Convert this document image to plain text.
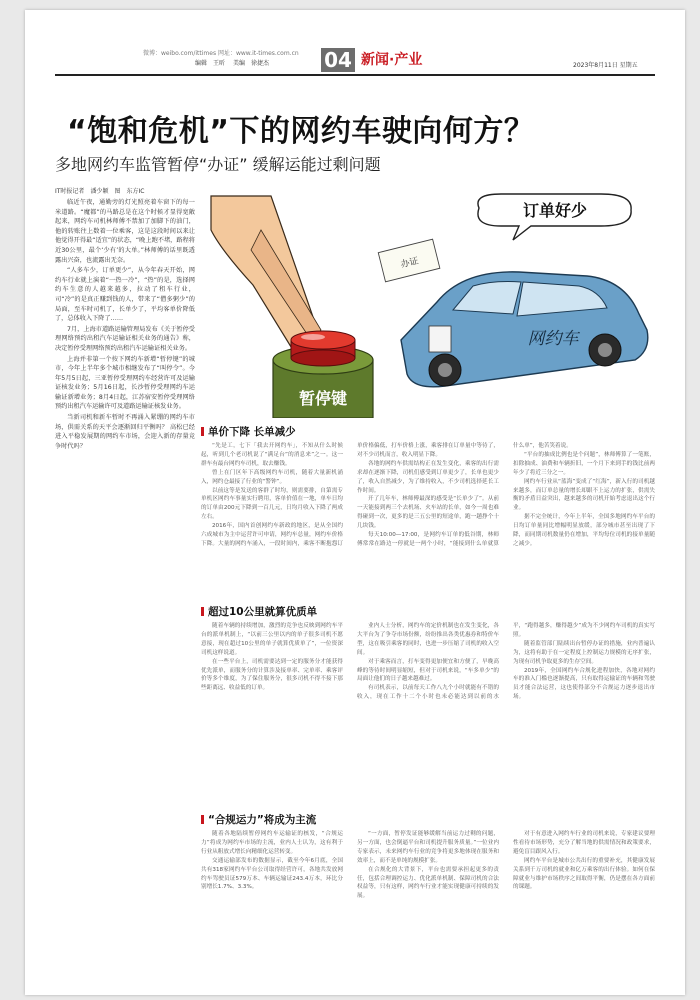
微博：weibo.com/ittimes 网址：www.it-times.com.cn
编辑 王昕 美编 徐捷杰	04 新闻·产业	2023年8月11日 星期五
“饱和危机”下的网约车驶向何方？
多地网约车监管暂停“办证” 缓解运能过剩问题
IT时报记者 潘少颖 图 东方IC

临近午夜，通勤旁的灯光照亮着车窗下的每一米道路。“魔都”的马路总是在这个时候才显得宽敞起来，网约车司机林师傅不禁加了加脚下的油门，他的转账往上数着一位乘客，这是这段时间以来让他觉得开得最“适宜”的状态，“晚上跑不堵，路程将近30公里，最个‘少有’的大单。”林师傅的话里既透露出兴奋，也流露出无奈。

“人多车少，订单更少”，从今年春天开始，网约车行业就上演着“一热一冷”，“热”的是，选择网约车生意的人越来越多，拉动了租车行业，司“冷”的是真正赚到钱的人，带来了“僧多粥少”的局面，至车时司机了，长单少了，平均客单价降低了，总体收入下降了……

7月，上海市道路运输管理局发布《关于暂停受理网络预约出租汽车运输证相关业务的通告》称，决定暂停受理网络预约出租汽车运输证相关业务。

上海并非第一个按下网约车新增“暂停键”的城市，今年上半年多个城市相继发布了“叫停令”。今年5月5日起，三亚暂停受理网约车经营许可及运输证核发业务；5月16日起，长沙暂停受理网约车运输证新增业务；8月4日起，江苏宿安暂停受理网络预约出租汽车运输许可及道路运输证核发业务。

当新司机和新车暂时不再涌入紧绷的网约车市场，供需关系的天平会逐渐回归平衡吗？ 高松已经进入平稳发展期的网约车市场，会迎入新的存量竞争时代吗？

暂停键
订单好少
办证
网约车
单价下降 长单减少

“先是工，七下「我去开网约车」，不知从什么时候起，听到几个老司机说了“满足台”的消息来”之一。这一群车有最台网约车司机，取去赚钱。

曾上在门区年下高级网约车司机，随着大量新机涌入，网约仓最接了行业的“警钟”。

以前这等是发送的客群了时均，则需要排，自第需专单机区网约车事量实行聘用，客单价值在一地，单车日均的订单由200元下降到一百几元，日均月收入下降了两成左右。

2016年，国内首创网约车新政的地区，是从全国约六成城市为主中运营许可申请，网约车总量，网约车价格下降。大量的网约车涌入，一段时间内，乘客不断抱怨订单价格偏低，打车价格上涨，乘客排在订单量中等待了，对不少司机而言，收入明显下降。

各地的网约车供需结构正在发生变化，乘客的出行需求却在逐渐下降，司机们感受到订单更少了，长单也更少了，收入自然减少，为了维持收入，不少司机选择延长工作时间。

开了几年车，林师傅最深的感受是“长单少了”。从前一天能接到两三个去机场、火车站的长单，如今一周也难得碰到一次，更多的是三五公里的短途单，跑一趟挣个十几块钱。

每天10:00—17:00，是网约车订单的低谷期，林师傅常常在路边一停就是一两个小时，“能接到什么单就算什么单”，他苦笑着说。

“平台的抽成比例也是个问题”，林师傅算了一笔账，扣除抽成、油费和车辆折旧，一个月下来到手的钱比前两年少了将近三分之一。

网约车行业从“蓝海”变成了“红海”，新入行的司机越来越多，而订单总量的增长却跟不上运力的扩张，供需失衡的矛盾日益突出，越来越多的司机开始考虑退出这个行业。

据不完全统计，今年上半年，全国多地网约车平台的日均订单量同比增幅明显放缓，部分城市甚至出现了下降，而同期司机数量仍在增加，平均每位司机的接单量随之减少。

超过10公里就算优质单

随着车辆的持续增加，激烈的竞争也反映到网约车平台的派单机制上，“以前三公里以内的单子很多司机不愿意接，现在超过10公里的单子就算优质单了”，一位资深司机这样说道。

在一些平台上，司机需要达到一定的服务分才能获得优先派单，而服务分的计算涉及接单率、完单率、乘客评价等多个维度，为了保住服务分，很多司机不得不接下那些距离远、收益低的订单。

业内人士分析，网约车的定价机制也在发生变化，各大平台为了争夺市场份额，纷纷推出各类优惠券和特价车型，这在吸引乘客的同时，也进一步压缩了司机的收入空间。

对于乘客而言，打车变得更加便宜和方便了，早晚高峰的等待时间明显缩短，但对于司机来说，“车多单少”的局面让他们的日子越来越难过。

有司机表示，以前每天工作八九个小时就能有不错的收入，现在工作十二个小时也未必能达到以前的水平，“跑得越多，赚得越少”成为不少网约车司机的真实写照。

随着监管部门陆续出台暂停办证的措施，业内普遍认为，这将有助于在一定程度上控制运力规模的无序扩张，为现有司机争取更多的生存空间。

2019年，全国网约车合规化进程加快，各地对网约车的准入门槛也逐渐提高，只有取得运输证的车辆和驾驶员才能合法运营，这也使得部分不合规运力逐步退出市场。

“合规运力”将成为主流

随着各地陆续暂停网约车运输证的核发，“合规运力”将成为网约车市场的主流，业内人士认为，这有利于行业从粗放式增长向精细化运营转变。

交通运输部发布的数据显示，截至今年6月底，全国共有318家网约车平台公司取得经营许可，各地共发放网约车驾驶员证579万本、车辆运输证243.4万本，环比分别增长1.7%、3.3%。

“一方面，暂停发证能够缓解当前运力过剩的问题，另一方面，也会倒逼平台和司机提升服务质量。”一位业内专家表示，未来网约车行业的竞争将更多地体现在服务和效率上，而不是单纯的规模扩张。

在合规化的大背景下，平台也需要承担起更多的责任，包括合理调控运力、优化派单机制、保障司机的合法权益等，只有这样，网约车行业才能实现健康可持续的发展。

对于有意进入网约车行业的司机来说，专家建议要理性看待市场形势，充分了解当地的供需情况和政策要求，避免盲目跟风入行。

网约车平台是城市公共出行的重要补充，其健康发展关系到千万司机的就业和亿万乘客的出行体验。如何在保障就业与维护市场秩序之间取得平衡，仍是摆在各方面前的课题。
